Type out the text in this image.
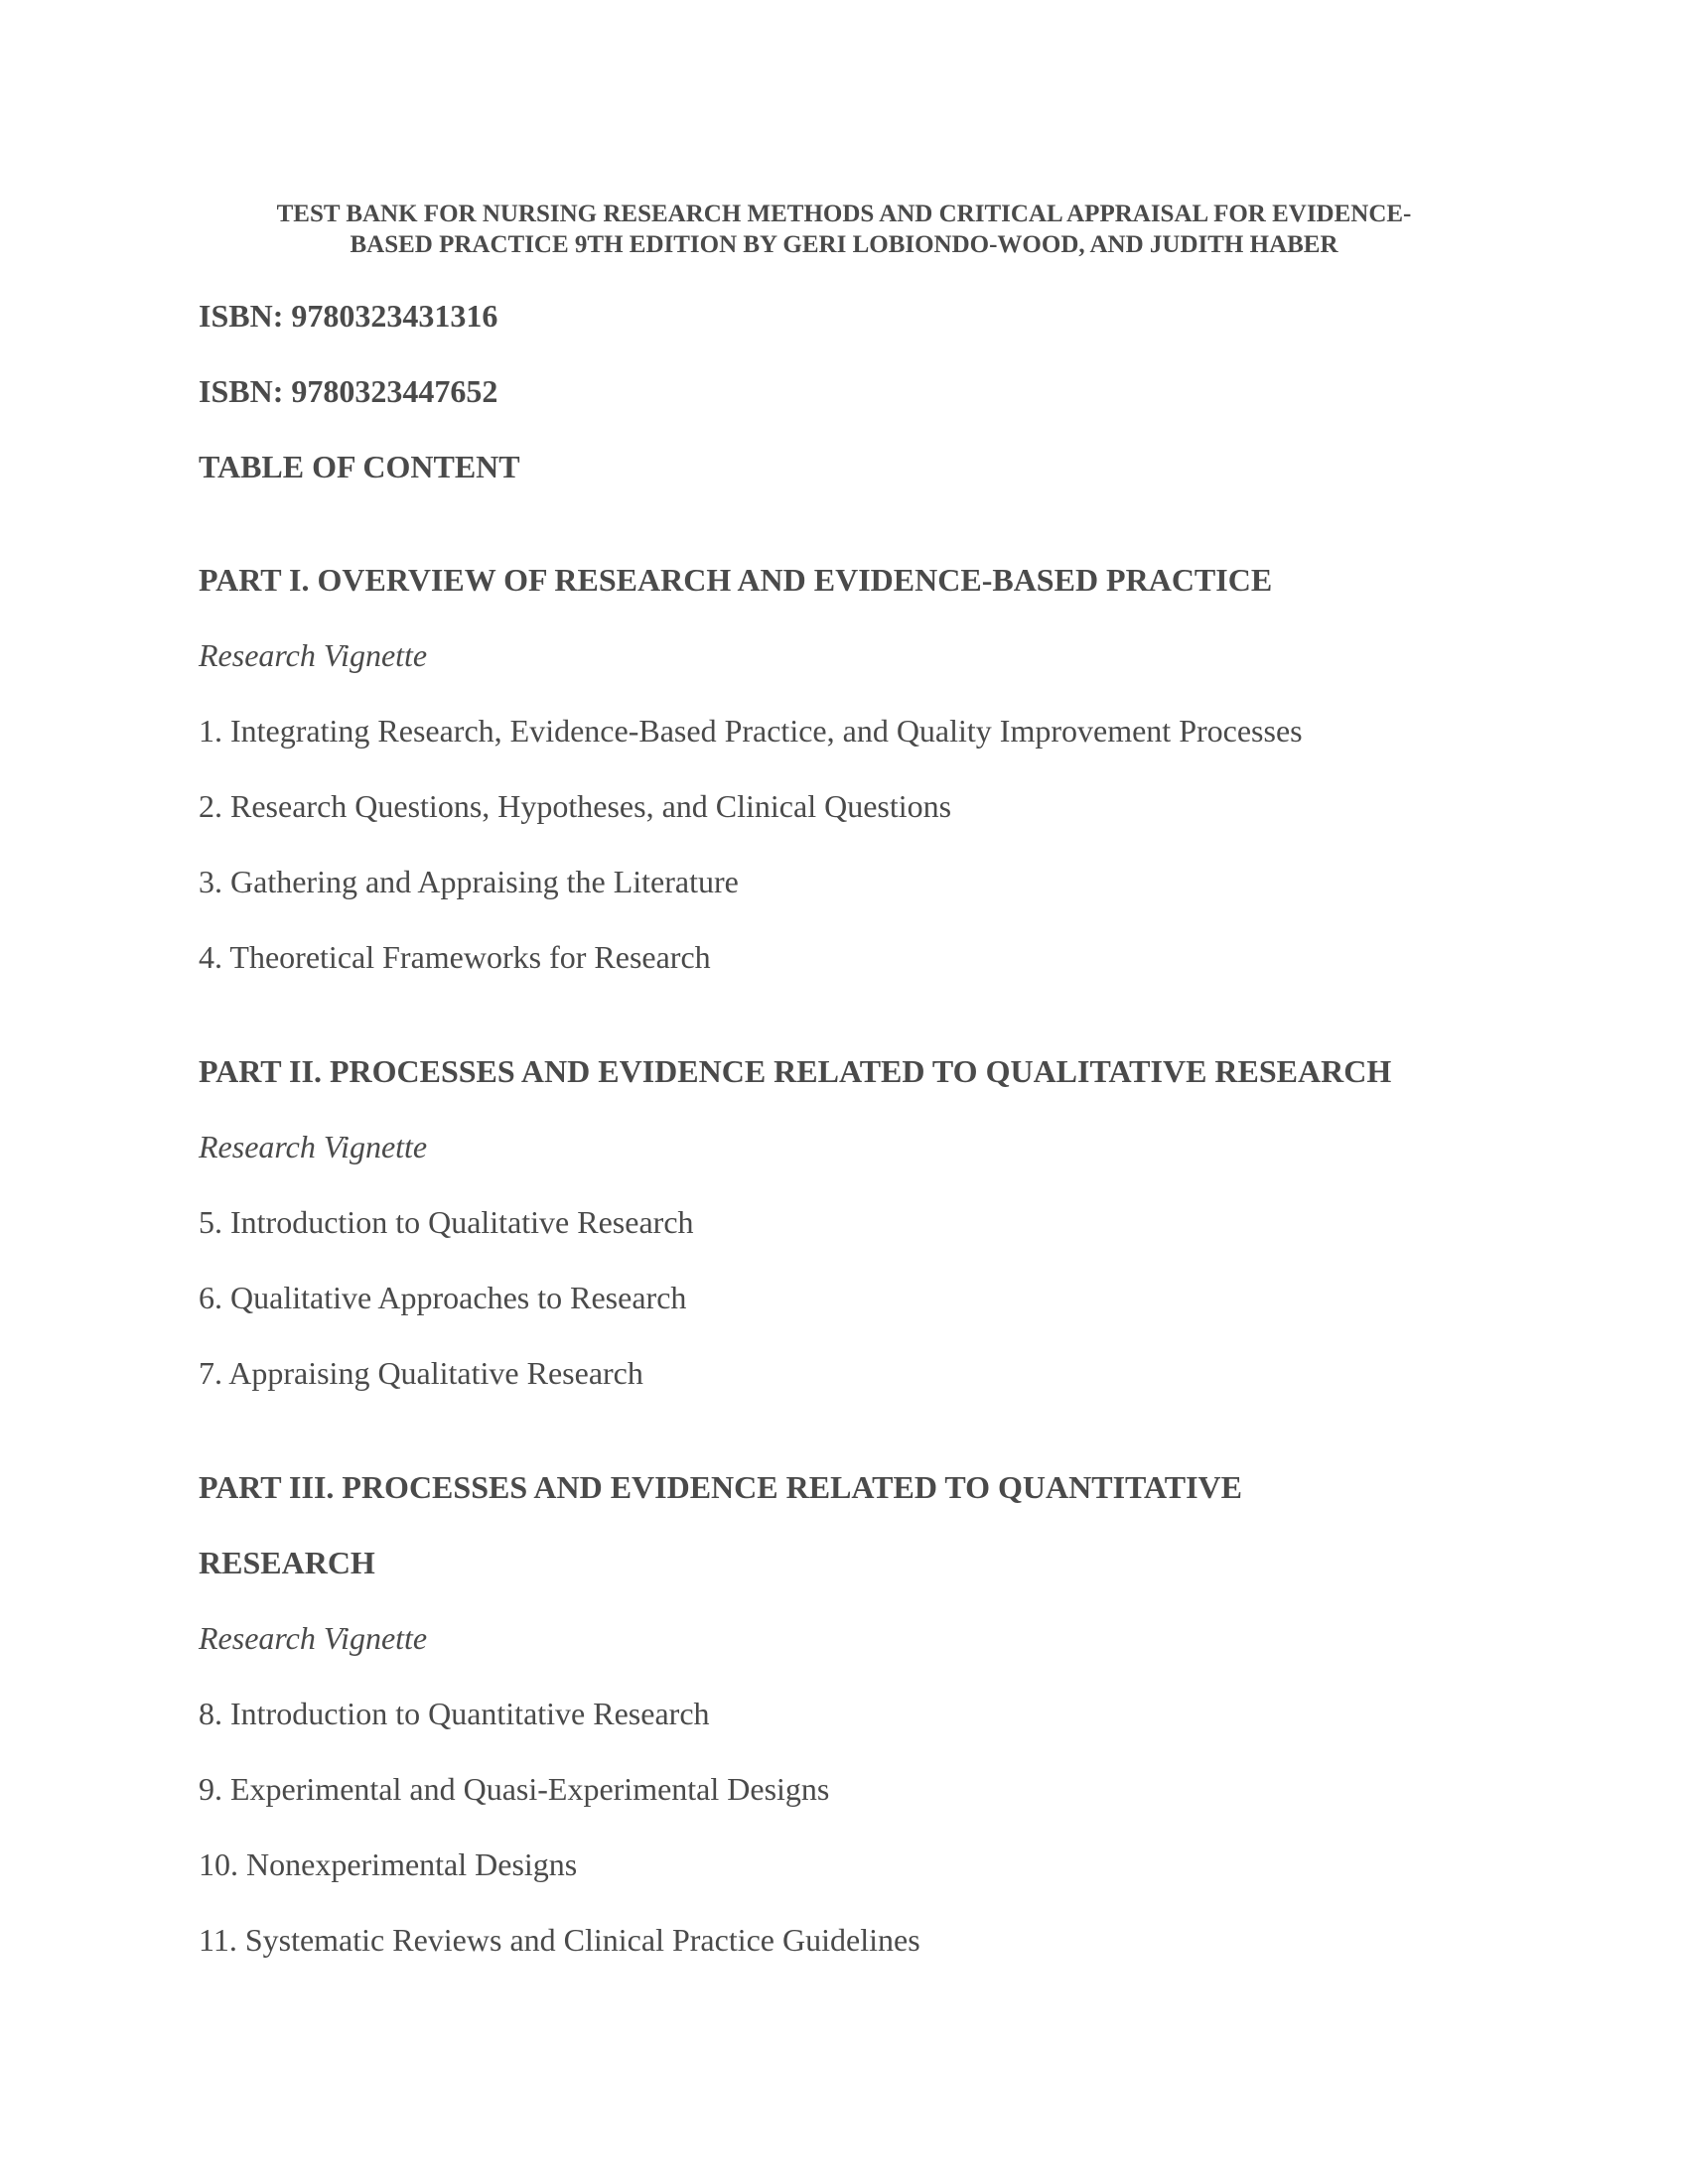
TEST BANK FOR NURSING RESEARCH METHODS AND CRITICAL APPRAISAL FOR EVIDENCE-
BASED PRACTICE 9TH EDITION BY GERI LOBIONDO-WOOD, AND JUDITH HABER

ISBN: 9780323431316

ISBN: 9780323447652

TABLE OF CONTENT

PART I. OVERVIEW OF RESEARCH AND EVIDENCE-BASED PRACTICE

Research Vignette

1. Integrating Research, Evidence-Based Practice, and Quality Improvement Processes

2. Research Questions, Hypotheses, and Clinical Questions

3. Gathering and Appraising the Literature

4. Theoretical Frameworks for Research

PART II. PROCESSES AND EVIDENCE RELATED TO QUALITATIVE RESEARCH

Research Vignette

5. Introduction to Qualitative Research

6. Qualitative Approaches to Research

7. Appraising Qualitative Research

PART III. PROCESSES AND EVIDENCE RELATED TO QUANTITATIVE

RESEARCH

Research Vignette

8. Introduction to Quantitative Research

9. Experimental and Quasi-Experimental Designs

10. Nonexperimental Designs

11. Systematic Reviews and Clinical Practice Guidelines
